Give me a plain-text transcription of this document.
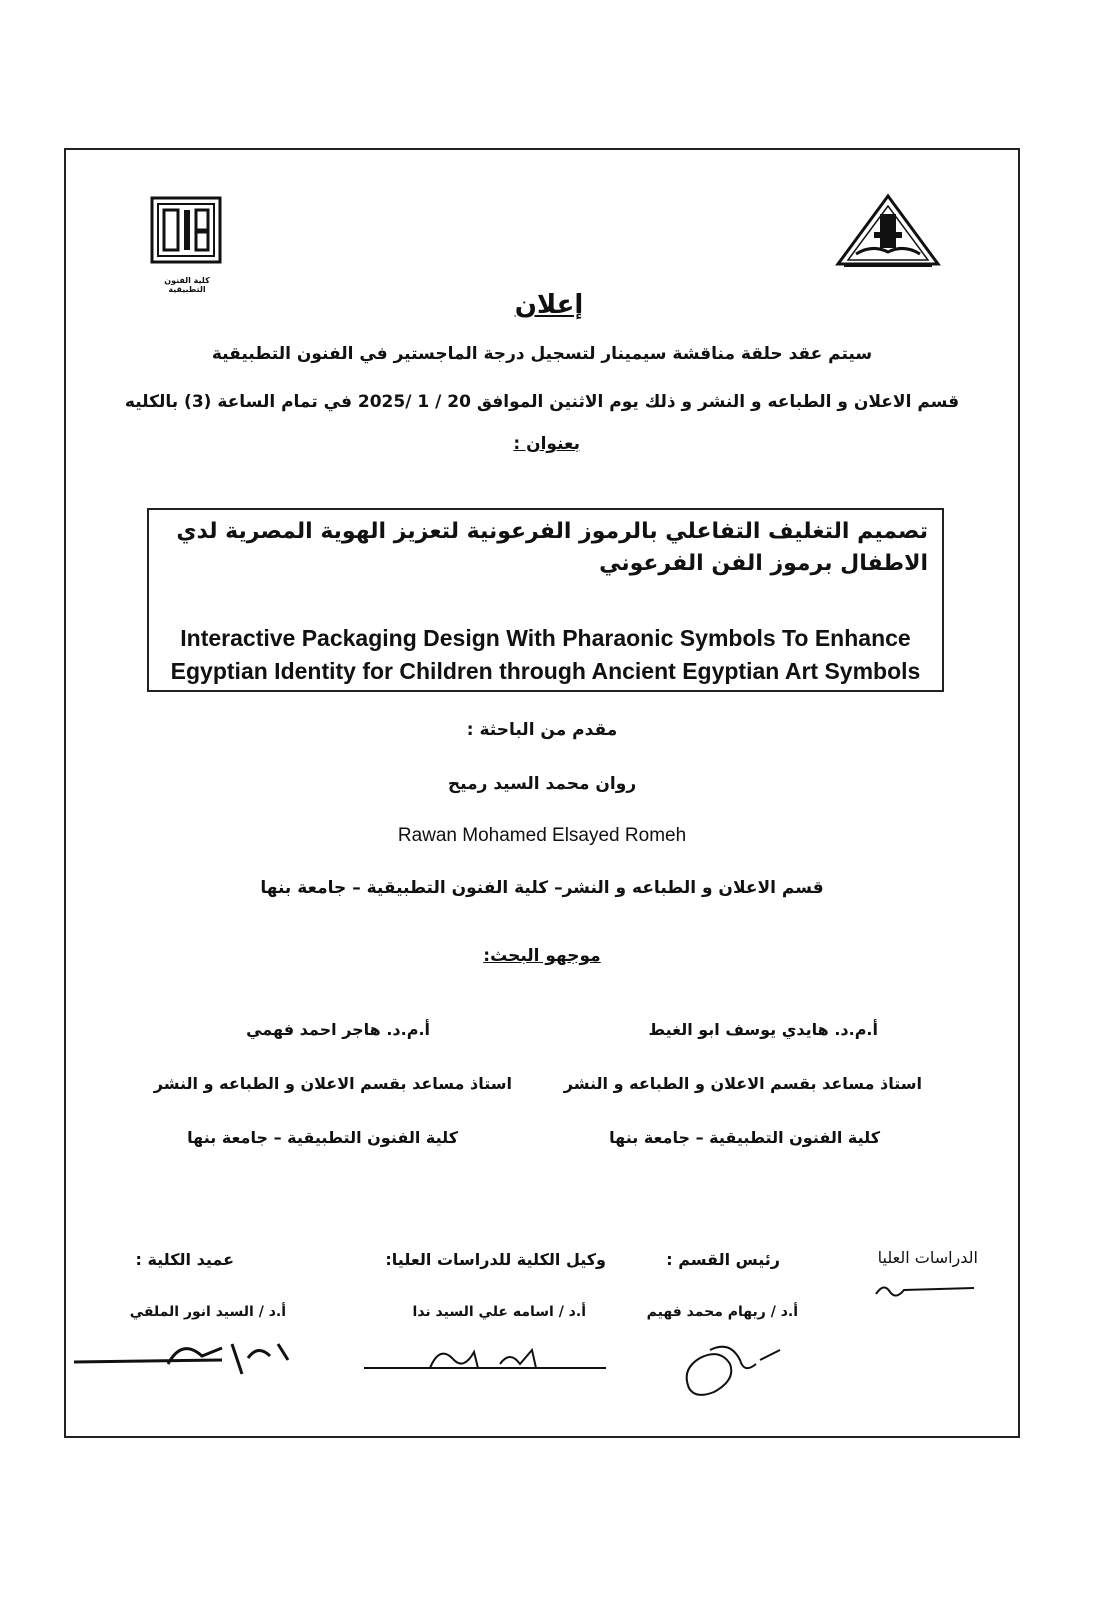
كلية الفنون التطبيقية
إعلان
سيتم عقد حلقة مناقشة سيمينار لتسجيل درجة الماجستير في الفنون التطبيقية
قسم الاعلان و الطباعه و النشر و ذلك يوم الاثنين الموافق 20 / 1 /2025 في تمام الساعة (3) بالكليه
بعنوان :
تصميم التغليف التفاعلي بالرموز الفرعونية لتعزيز الهوية المصرية لدي الاطفال برموز الفن الفرعوني
Interactive Packaging Design With Pharaonic Symbols To Enhance
Egyptian Identity for Children through Ancient Egyptian Art Symbols
مقدم من الباحثة :
روان محمد السيد رميح
Rawan Mohamed Elsayed Romeh
قسم الاعلان و الطباعه و النشر– كلية الفنون التطبيقية – جامعة بنها
موجهو البحث:
أ.م.د. هايدي يوسف ابو الغيط
استاذ مساعد بقسم الاعلان و الطباعه و النشر
كلية الفنون التطبيقية – جامعة بنها
أ.م.د. هاجر احمد فهمي
استاذ مساعد بقسم الاعلان و الطباعه و النشر
كلية الفنون التطبيقية – جامعة بنها
الدراسات العليا
رئيس القسم :
أ.د / ريهام محمد فهيم
وكيل الكلية للدراسات العليا:
أ.د / اسامه علي السيد ندا
عميد الكلية :
أ.د / السيد انور الملقي
